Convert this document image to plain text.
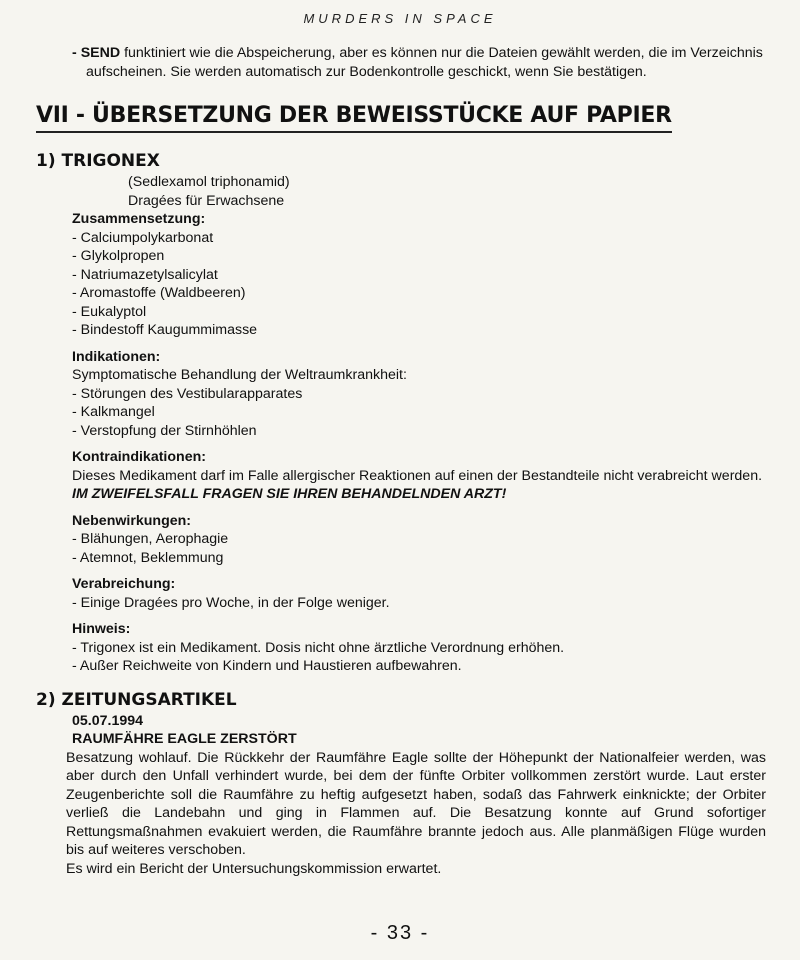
MURDERS IN SPACE

- SEND funktiniert wie die Abspeicherung, aber es können nur die Dateien gewählt werden, die im Verzeichnis aufscheinen. Sie werden automatisch zur Bodenkontrolle geschickt, wenn Sie bestätigen.

VII - ÜBERSETZUNG DER BEWEISSTÜCKE AUF PAPIER
1) TRIGONEX

(Sedlexamol triphonamid)

Dragées für Erwachsene

Zusammensetzung:
- Calciumpolykarbonat
- Glykolpropen
- Natriumazetylsalicylat
- Aromastoffe (Waldbeeren)
- Eukalyptol
- Bindestoff Kaugummimasse
Indikationen:

Symptomatische Behandlung der Weltraumkrankheit:

- Störungen des Vestibularapparates
- Kalkmangel
- Verstopfung der Stirnhöhlen
Kontraindikationen:

Dieses Medikament darf im Falle allergischer Reaktionen auf einen der Bestandteile nicht verabreicht werden. IM ZWEIFELSFALL FRAGEN SIE IHREN BEHANDELNDEN ARZT!

Nebenwirkungen:
- Blähungen, Aerophagie
- Atemnot, Beklemmung
Verabreichung:
- Einige Dragées pro Woche, in der Folge weniger.
Hinweis:
- Trigonex ist ein Medikament. Dosis nicht ohne ärztliche Verordnung erhöhen.
- Außer Reichweite von Kindern und Haustieren aufbewahren.
2) ZEITUNGSARTIKEL
05.07.1994
RAUMFÄHRE EAGLE ZERSTÖRT

Besatzung wohlauf. Die Rückkehr der Raumfähre Eagle sollte der Höhepunkt der Nationalfeier werden, was aber durch den Unfall verhindert wurde, bei dem der fünfte Orbiter vollkommen zerstört wurde. Laut erster Zeugenberichte soll die Raumfähre zu heftig aufgesetzt haben, sodaß das Fahrwerk einknickte; der Orbiter verließ die Landebahn und ging in Flammen auf. Die Besatzung konnte auf Grund sofortiger Rettungsmaßnahmen evakuiert werden, die Raumfähre brannte jedoch aus. Alle planmäßigen Flüge wurden bis auf weiteres verschoben.

Es wird ein Bericht der Untersuchungskommission erwartet.

- 33 -
